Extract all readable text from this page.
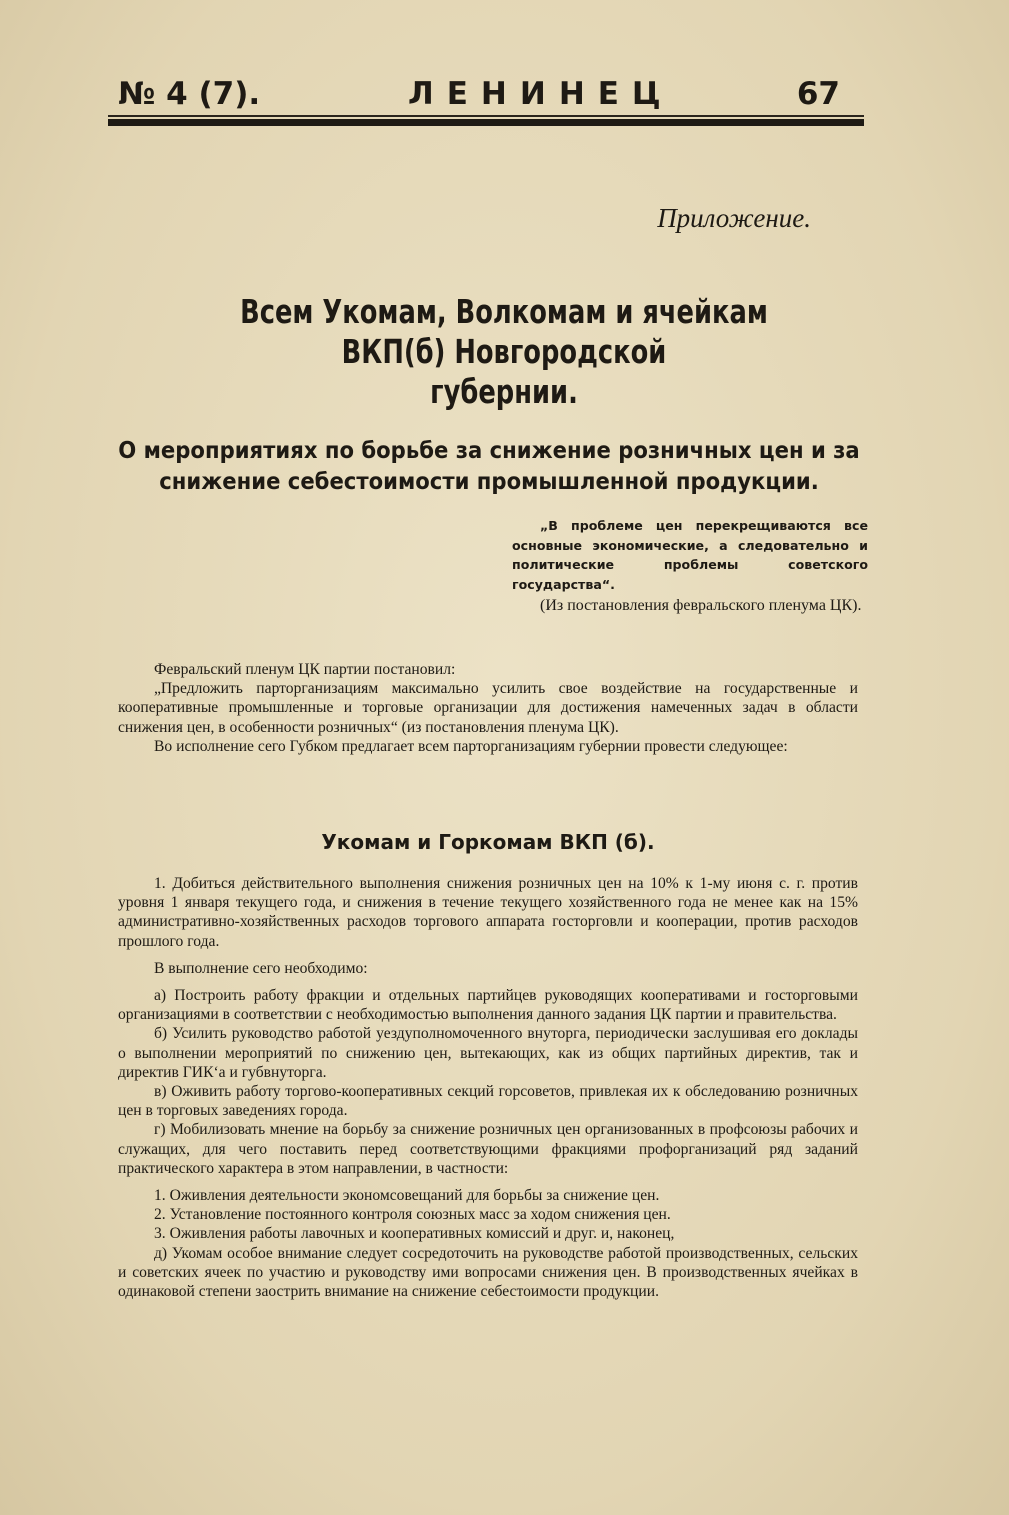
№ 4 (7).	ЛЕНИНЕЦ	67
Приложение.
Всем Укомам, Волкомам и ячейкам ВКП(б) Новгородской
губернии.
О мероприятиях по борьбе за снижение розничных цен и за
снижение себестоимости промышленной продукции.
„В проблеме цен перекрещиваются все основные экономические, а следовательно и политические проблемы советского государства“.

(Из постановления февральского пленума ЦК).

Февральский пленум ЦК партии постановил:

„Предложить парторганизациям максимально усилить свое воздействие на государственные и кооперативные промышленные и торговые организации для достижения намеченных задач в области снижения цен, в особенности розничных“ (из постановления пленума ЦК).

Во исполнение сего Губком предлагает всем парторганизациям губернии провести следующее:

Укомам и Горкомам ВКП (б).

1. Добиться действительного выполнения снижения розничных цен на 10% к 1-му июня с. г. против уровня 1 января текущего года, и снижения в течение текущего хозяйственного года не менее как на 15% административно-хозяйственных расходов торгового аппарата госторговли и кооперации, против расходов прошлого года.

В выполнение сего необходимо:

а) Построить работу фракции и отдельных партийцев руководящих кооперативами и госторговыми организациями в соответствии с необходимостью выполнения данного задания ЦК партии и правительства.

б) Усилить руководство работой уездуполномоченного внуторга, периодически заслушивая его доклады о выполнении мероприятий по снижению цен, вытекающих, как из общих партийных директив, так и директив ГИК‘а и губвнуторга.

в) Оживить работу торгово-кооперативных секций горсоветов, привлекая их к обследованию розничных цен в торговых заведениях города.

г) Мобилизовать мнение на борьбу за снижение розничных цен организованных в профсоюзы рабочих и служащих, для чего поставить перед соответствующими фракциями профорганизаций ряд заданий практического характера в этом направлении, в частности:

1. Оживления деятельности экономсовещаний для борьбы за снижение цен.

2. Установление постоянного контроля союзных масс за ходом снижения цен.

3. Оживления работы лавочных и кооперативных комиссий и друг. и, наконец,

д) Укомам особое внимание следует сосредоточить на руководстве работой производственных, сельских и советских ячеек по участию и руководству ими вопросами снижения цен. В производственных ячейках в одинаковой степени заострить внимание на снижение себестоимости продукции.
